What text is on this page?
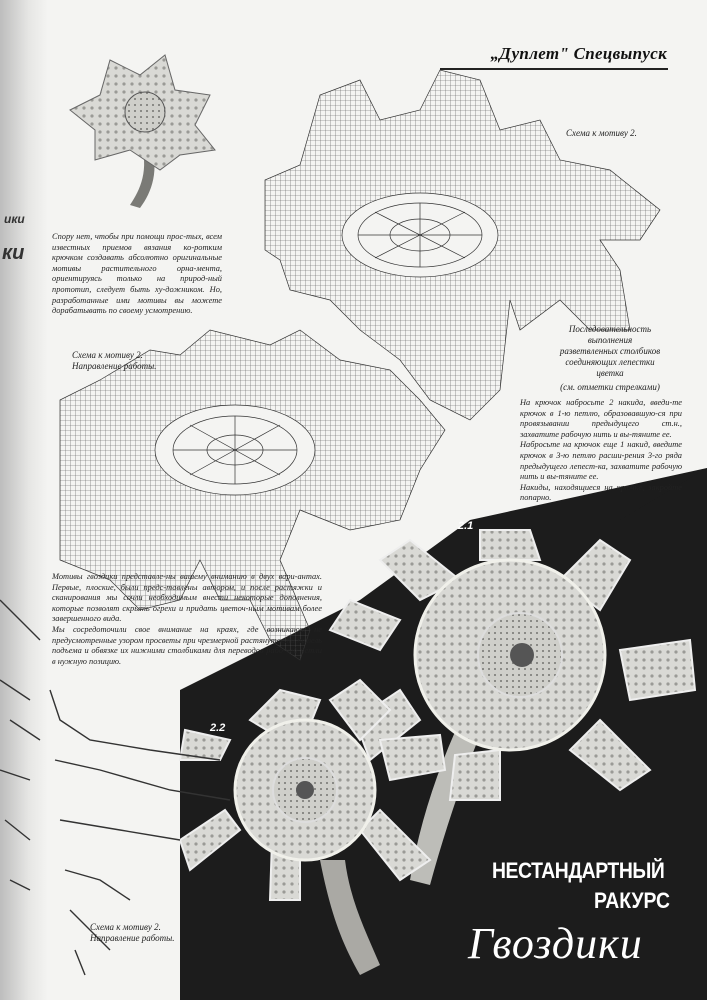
ики
ки
„Дуплет" Спецвыпуск
Спору нет, чтобы при помощи прос-тых, всем известных приемов вязания ко-ротким крючком создавать абсолютно оригинальные мотивы растительного орна-мента, ориентируясь только на природ-ный прототип, следует быть ху-дожником. Но, разработанные ими мотивы вы можете дорабатывать по своему усмотрению.
Схема к мотиву 2.
Схема к мотиву 2.
Направление работы.
Последовательность
выполнения
разветвленных столбиков
соединяющих лепестки
цветка
(см. отметки стрелками)
На крючок набросьте 2 накида, введи-те крючок в 1-ю петлю, образовавшую-ся при провязывании предыдущего ст.н., захватите рабочую нить и вы-тяните ее.
Набросьте на крючок еще 1 накид, введите крючок в 3-ю петлю расши-рения 3-го ряда предыдущего лепест-ка, захватите рабочую нить и вы-тяните ее.
Накиды, находящиеся на крючке, закройте попарно.
Мотивы гвоздики представле-ны вашему вниманию в двух вари-антах. Первые, плоские, были предс-тавлены автором, и после растяжки и сканирования мы сочли необходимым внести некоторые дополнения, которые позволят скрыть огрехи и придать цветоч-ным мотивам более завершенного вида.
Мы сосредоточили свое внимание на краях, где возникают не предусмотренные узором просветы при чрезмерной растянутости петель подъема и обвязке их нижними столбиками для переводов рабо-чей петли в нужную позицию.
Схема к мотиву 2.
Направление работы.
2.1
2.2
НЕСТАНДАРТНЫЙ
РАКУРС
Гвоздики
